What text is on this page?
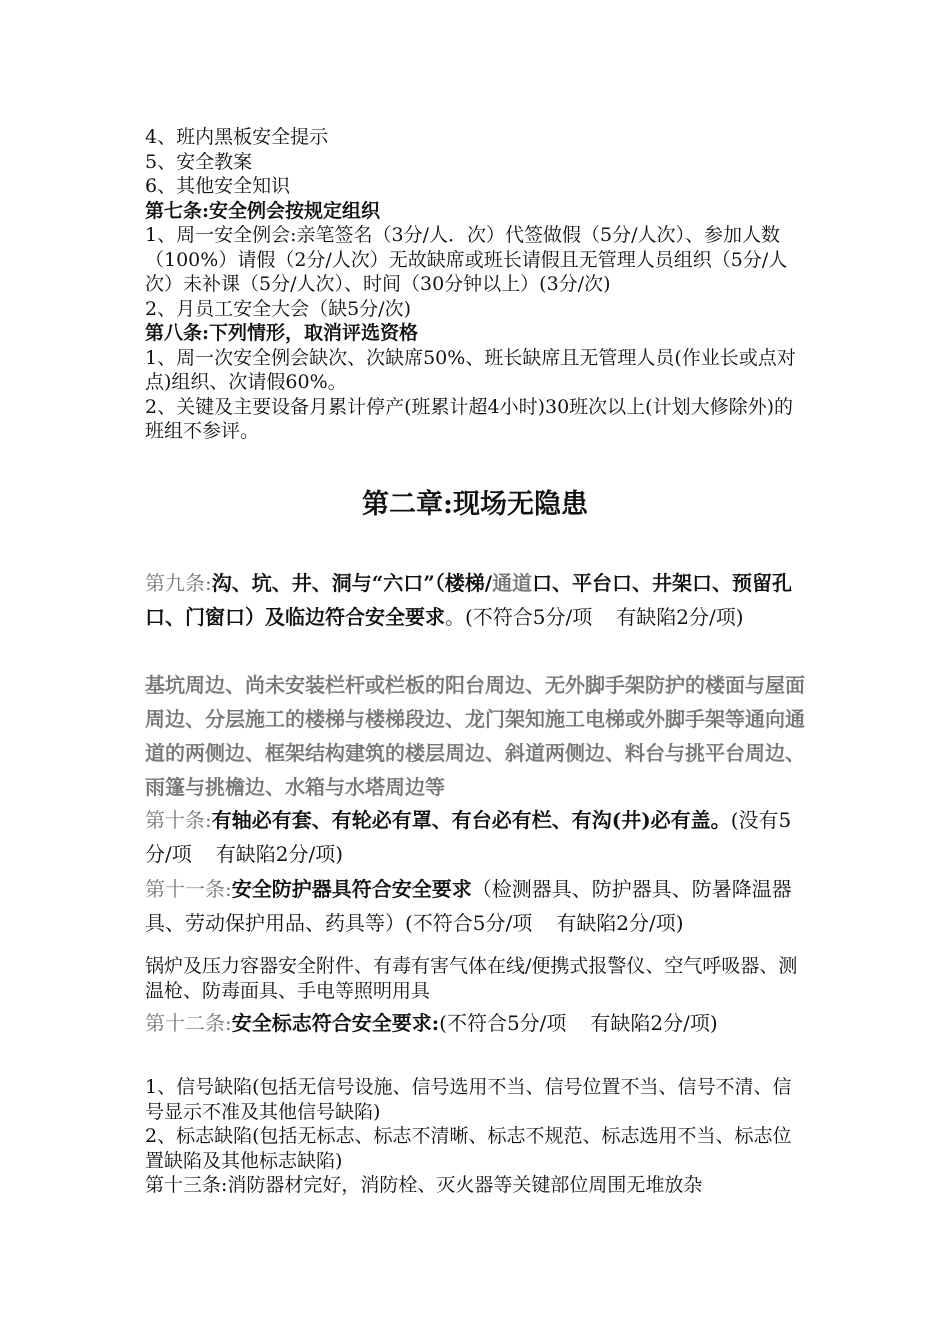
4、班内黑板安全提示
5、安全教案
6、其他安全知识
第七条:安全例会按规定组织
1、周一安全例会:亲笔签名（3分/人．次）代签做假（5分/人次）、参加人数（100%）请假（2分/人次）无故缺席或班长请假且无管理人员组织（5分/人次）未补课（5分/人次）、时间（30分钟以上）(3分/次)
2、月员工安全大会（缺5分/次)
第八条:下列情形，取消评选资格
1、周一次安全例会缺次、次缺席50%、班长缺席且无管理人员(作业长或点对点)组织、次请假60%。
2、关键及主要设备月累计停产(班累计超4小时)30班次以上(计划大修除外)的班组不参评。
第二章:现场无隐患
第九条:沟、坑、井、洞与“六口”（楼梯/通道口、平台口、井架口、预留孔口、门窗口）及临边符合安全要求。(不符合5分/项 有缺陷2分/项)
基坑周边、尚未安装栏杆或栏板的阳台周边、无外脚手架防护的楼面与屋面周边、分层施工的楼梯与楼梯段边、龙门架知施工电梯或外脚手架等通向通道的两侧边、框架结构建筑的楼层周边、斜道两侧边、料台与挑平台周边、雨篷与挑檐边、水箱与水塔周边等
第十条:有轴必有套、有轮必有罩、有台必有栏、有沟(井)必有盖。(没有5分/项 有缺陷2分/项)
第十一条:安全防护器具符合安全要求（检测器具、防护器具、防暑降温器具、劳动保护用品、药具等）(不符合5分/项 有缺陷2分/项)
锅炉及压力容器安全附件、有毒有害气体在线/便携式报警仪、空气呼吸器、测温枪、防毒面具、手电等照明用具
第十二条:安全标志符合安全要求:(不符合5分/项 有缺陷2分/项)
1、信号缺陷(包括无信号设施、信号选用不当、信号位置不当、信号不清、信号显示不准及其他信号缺陷)
2、标志缺陷(包括无标志、标志不清晰、标志不规范、标志选用不当、标志位置缺陷及其他标志缺陷)
第十三条:消防器材完好，消防栓、灭火器等关键部位周围无堆放杂
